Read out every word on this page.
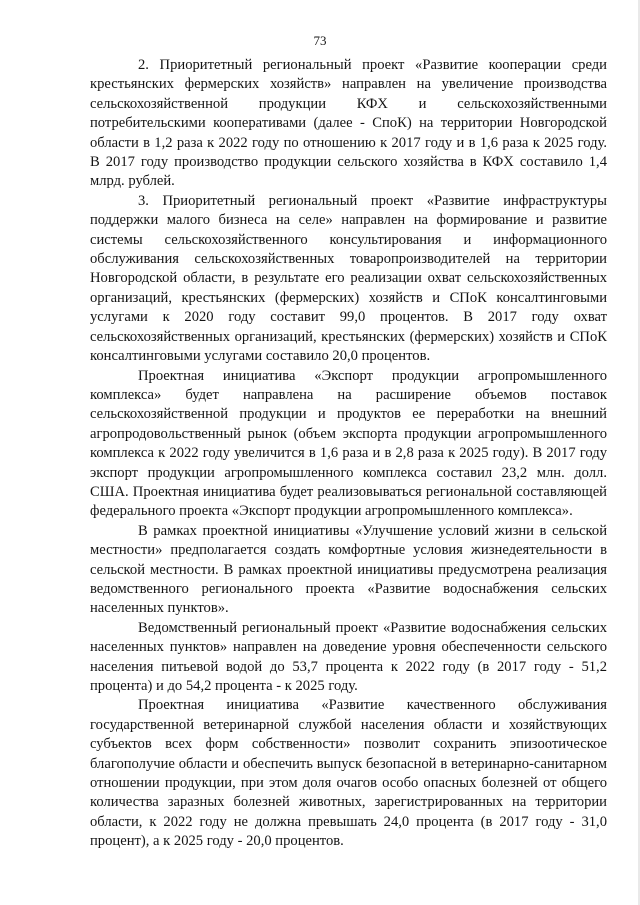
73

2. Приоритетный региональный проект «Развитие кооперации среди крестьянских фермерских хозяйств» направлен на увеличение производства сельскохозяйственной продукции КФХ и сельскохозяйственными потребительскими кооперативами (далее - СпоК) на территории Новгородской области в 1,2 раза к 2022 году по отношению к 2017 году и в 1,6 раза к 2025 году. В 2017 году производство продукции сельского хозяйства в КФХ составило 1,4 млрд. рублей.

3. Приоритетный региональный проект «Развитие инфраструктуры поддержки малого бизнеса на селе» направлен на формирование и развитие системы сельскохозяйственного консультирования и информационного обслуживания сельскохозяйственных товаропроизводителей на территории Новгородской области, в результате его реализации охват сельскохозяйственных организаций, крестьянских (фермерских) хозяйств и СПоК консалтинговыми услугами к 2020 году составит 99,0 процентов. В 2017 году охват сельскохозяйственных организаций, крестьянских (фермерских) хозяйств и СПоК консалтинговыми услугами составило 20,0 процентов.

Проектная инициатива «Экспорт продукции агропромышленного комплекса» будет направлена на расширение объемов поставок сельскохозяйственной продукции и продуктов ее переработки на внешний агропродовольственный рынок (объем экспорта продукции агропромышленного комплекса к 2022 году увеличится в 1,6 раза и в 2,8 раза к 2025 году). В 2017 году экспорт продукции агропромышленного комплекса составил 23,2 млн. долл. США. Проектная инициатива будет реализовываться региональной составляющей федерального проекта «Экспорт продукции агропромышленного комплекса».

В рамках проектной инициативы «Улучшение условий жизни в сельской местности» предполагается создать комфортные условия жизнедеятельности в сельской местности. В рамках проектной инициативы предусмотрена реализация ведомственного регионального проекта «Развитие водоснабжения сельских населенных пунктов».

Ведомственный региональный проект «Развитие водоснабжения сельских населенных пунктов» направлен на доведение уровня обеспеченности сельского населения питьевой водой до 53,7 процента к 2022 году (в 2017 году - 51,2 процента) и до 54,2 процента - к 2025 году.

Проектная инициатива «Развитие качественного обслуживания государственной ветеринарной службой населения области и хозяйствующих субъектов всех форм собственности» позволит сохранить эпизоотическое благополучие области и обеспечить выпуск безопасной в ветеринарно-санитарном отношении продукции, при этом доля очагов особо опасных болезней от общего количества заразных болезней животных, зарегистрированных на территории области, к 2022 году не должна превышать 24,0 процента (в 2017 году - 31,0 процент), а к 2025 году - 20,0 процентов.
